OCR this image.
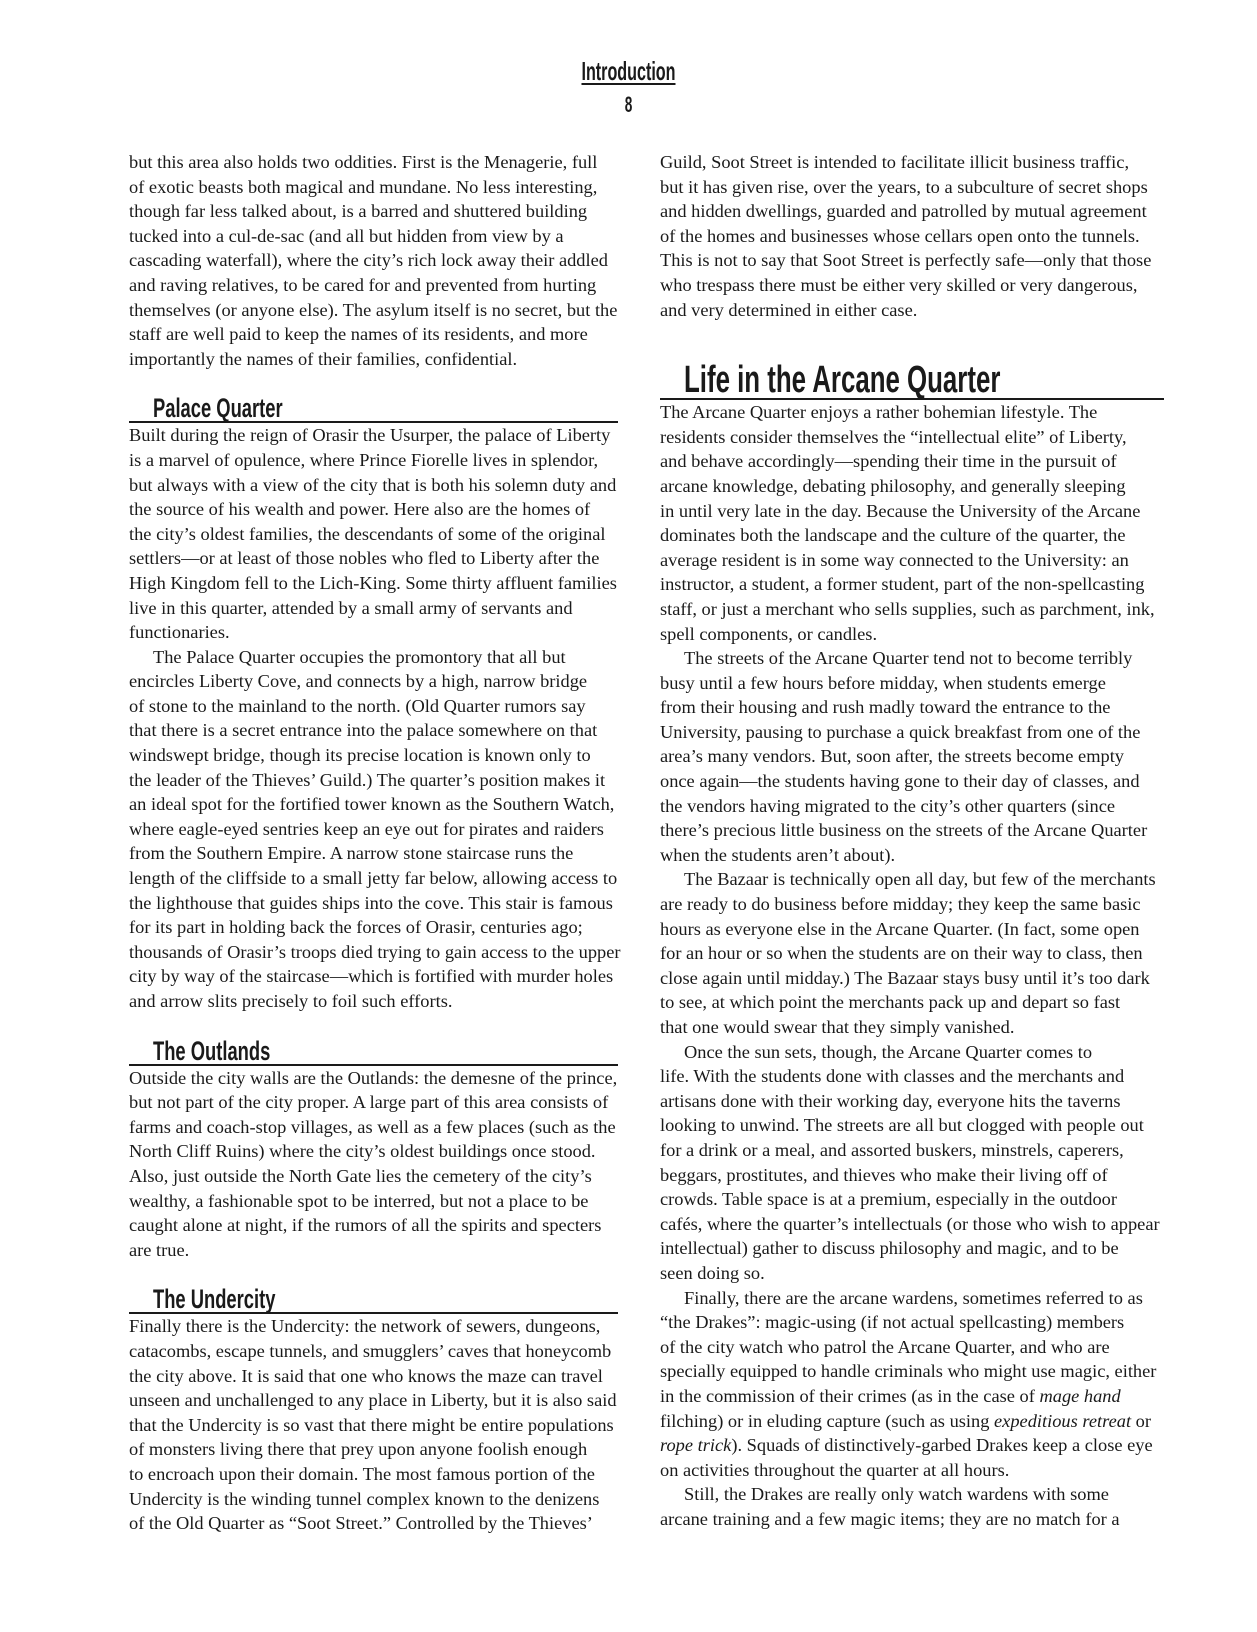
Introduction
8
but this area also holds two oddities. First is the Menagerie, full
of exotic beasts both magical and mundane. No less interesting,
though far less talked about, is a barred and shuttered building
tucked into a cul-de-sac (and all but hidden from view by a
cascading waterfall), where the city’s rich lock away their addled
and raving relatives, to be cared for and prevented from hurting
themselves (or anyone else). The asylum itself is no secret, but the
staff are well paid to keep the names of its residents, and more
importantly the names of their families, confidential.
Palace Quarter
Built during the reign of Orasir the Usurper, the palace of Liberty
is a marvel of opulence, where Prince Fiorelle lives in splendor,
but always with a view of the city that is both his solemn duty and
the source of his wealth and power. Here also are the homes of
the city’s oldest families, the descendants of some of the original
settlers—or at least of those nobles who fled to Liberty after the
High Kingdom fell to the Lich-King. Some thirty affluent families
live in this quarter, attended by a small army of servants and
functionaries.
The Palace Quarter occupies the promontory that all but
encircles Liberty Cove, and connects by a high, narrow bridge
of stone to the mainland to the north. (Old Quarter rumors say
that there is a secret entrance into the palace somewhere on that
windswept bridge, though its precise location is known only to
the leader of the Thieves’ Guild.) The quarter’s position makes it
an ideal spot for the fortified tower known as the Southern Watch,
where eagle-eyed sentries keep an eye out for pirates and raiders
from the Southern Empire. A narrow stone staircase runs the
length of the cliffside to a small jetty far below, allowing access to
the lighthouse that guides ships into the cove. This stair is famous
for its part in holding back the forces of Orasir, centuries ago;
thousands of Orasir’s troops died trying to gain access to the upper
city by way of the staircase—which is fortified with murder holes
and arrow slits precisely to foil such efforts.
The Outlands
Outside the city walls are the Outlands: the demesne of the prince,
but not part of the city proper. A large part of this area consists of
farms and coach-stop villages, as well as a few places (such as the
North Cliff Ruins) where the city’s oldest buildings once stood.
Also, just outside the North Gate lies the cemetery of the city’s
wealthy, a fashionable spot to be interred, but not a place to be
caught alone at night, if the rumors of all the spirits and specters
are true.
The Undercity
Finally there is the Undercity: the network of sewers, dungeons,
catacombs, escape tunnels, and smugglers’ caves that honeycomb
the city above. It is said that one who knows the maze can travel
unseen and unchallenged to any place in Liberty, but it is also said
that the Undercity is so vast that there might be entire populations
of monsters living there that prey upon anyone foolish enough
to encroach upon their domain. The most famous portion of the
Undercity is the winding tunnel complex known to the denizens
of the Old Quarter as “Soot Street.” Controlled by the Thieves’
Guild, Soot Street is intended to facilitate illicit business traffic,
but it has given rise, over the years, to a subculture of secret shops
and hidden dwellings, guarded and patrolled by mutual agreement
of the homes and businesses whose cellars open onto the tunnels.
This is not to say that Soot Street is perfectly safe—only that those
who trespass there must be either very skilled or very dangerous,
and very determined in either case.
Life in the Arcane Quarter
The Arcane Quarter enjoys a rather bohemian lifestyle. The
residents consider themselves the “intellectual elite” of Liberty,
and behave accordingly—spending their time in the pursuit of
arcane knowledge, debating philosophy, and generally sleeping
in until very late in the day. Because the University of the Arcane
dominates both the landscape and the culture of the quarter, the
average resident is in some way connected to the University: an
instructor, a student, a former student, part of the non-spellcasting
staff, or just a merchant who sells supplies, such as parchment, ink,
spell components, or candles.
The streets of the Arcane Quarter tend not to become terribly
busy until a few hours before midday, when students emerge
from their housing and rush madly toward the entrance to the
University, pausing to purchase a quick breakfast from one of the
area’s many vendors. But, soon after, the streets become empty
once again—the students having gone to their day of classes, and
the vendors having migrated to the city’s other quarters (since
there’s precious little business on the streets of the Arcane Quarter
when the students aren’t about).
The Bazaar is technically open all day, but few of the merchants
are ready to do business before midday; they keep the same basic
hours as everyone else in the Arcane Quarter. (In fact, some open
for an hour or so when the students are on their way to class, then
close again until midday.) The Bazaar stays busy until it’s too dark
to see, at which point the merchants pack up and depart so fast
that one would swear that they simply vanished.
Once the sun sets, though, the Arcane Quarter comes to
life. With the students done with classes and the merchants and
artisans done with their working day, everyone hits the taverns
looking to unwind. The streets are all but clogged with people out
for a drink or a meal, and assorted buskers, minstrels, caperers,
beggars, prostitutes, and thieves who make their living off of
crowds. Table space is at a premium, especially in the outdoor
cafés, where the quarter’s intellectuals (or those who wish to appear
intellectual) gather to discuss philosophy and magic, and to be
seen doing so.
Finally, there are the arcane wardens, sometimes referred to as
“the Drakes”: magic-using (if not actual spellcasting) members
of the city watch who patrol the Arcane Quarter, and who are
specially equipped to handle criminals who might use magic, either
in the commission of their crimes (as in the case of mage hand
filching) or in eluding capture (such as using expeditious retreat or
rope trick). Squads of distinctively-garbed Drakes keep a close eye
on activities throughout the quarter at all hours.
Still, the Drakes are really only watch wardens with some
arcane training and a few magic items; they are no match for a
